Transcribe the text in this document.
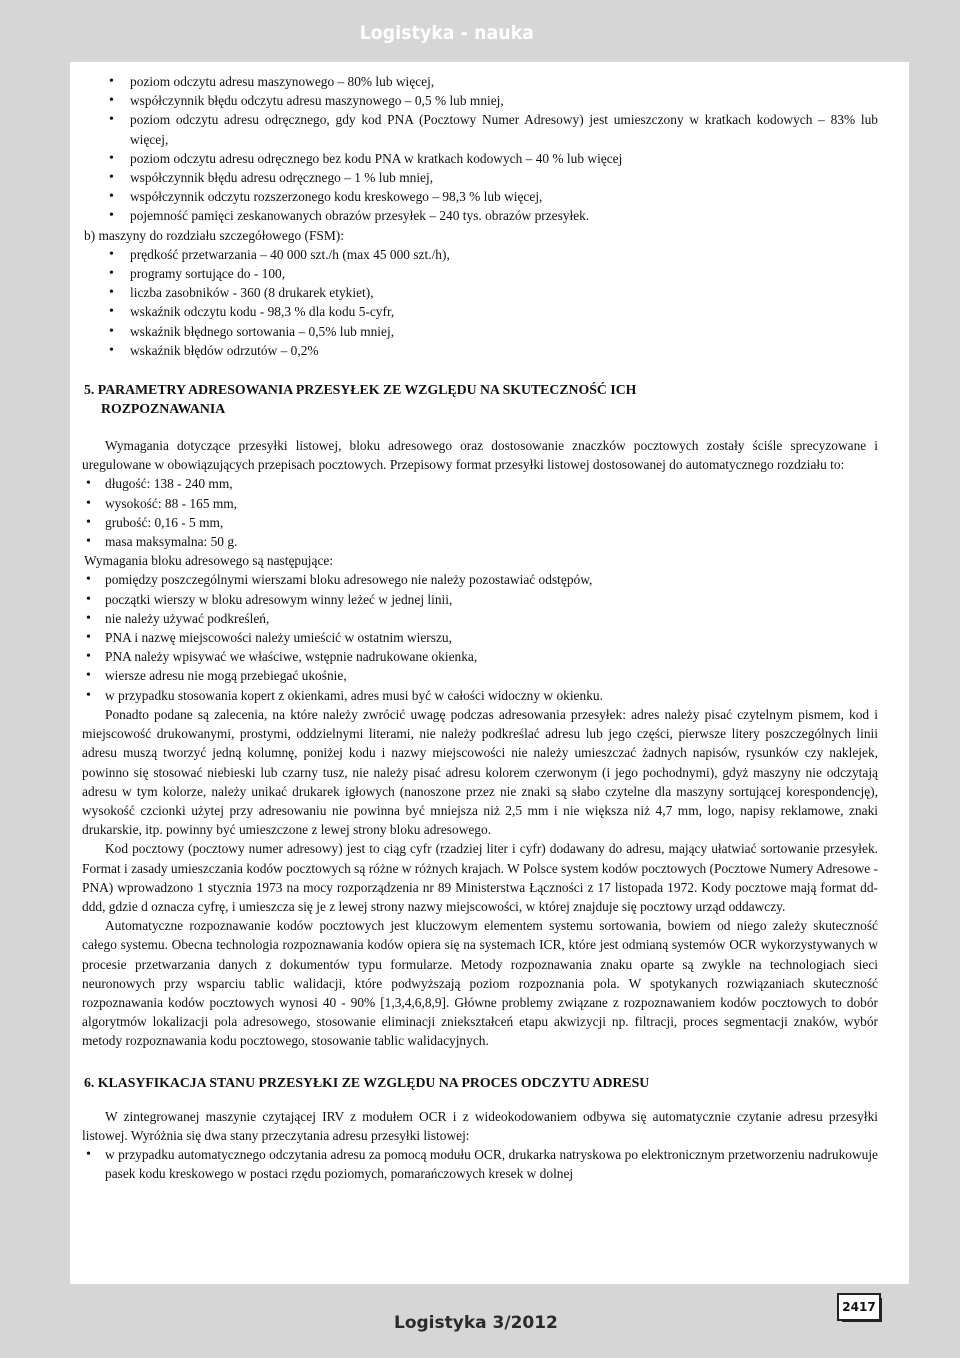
Logistyka - nauka
• poziom odczytu adresu maszynowego – 80% lub więcej,
• współczynnik błędu odczytu adresu maszynowego – 0,5 % lub mniej,
• poziom odczytu adresu odręcznego, gdy kod PNA (Pocztowy Numer Adresowy) jest umieszczony w kratkach kodowych – 83% lub więcej,
• poziom odczytu adresu odręcznego bez kodu PNA w kratkach kodowych – 40 % lub więcej
• współczynnik błędu adresu odręcznego – 1 % lub mniej,
• współczynnik odczytu rozszerzonego kodu kreskowego – 98,3 % lub więcej,
• pojemność pamięci zeskanowanych obrazów przesyłek – 240 tys. obrazów przesyłek.

b) maszyny do rozdziału szczegółowego (FSM):

• prędkość przetwarzania – 40 000 szt./h (max 45 000 szt./h),
• programy sortujące do - 100,
• liczba zasobników - 360 (8 drukarek etykiet),
• wskaźnik odczytu kodu - 98,3 % dla kodu 5-cyfr,
• wskaźnik błędnego sortowania – 0,5% lub mniej,
• wskaźnik błędów odrzutów – 0,2%
5. PARAMETRY ADRESOWANIA PRZESYŁEK ZE WZGLĘDU NA SKUTECZNOŚĆ ICH
ROZPOZNAWANIA

Wymagania dotyczące przesyłki listowej, bloku adresowego oraz dostosowanie znaczków pocztowych zostały ściśle sprecyzowane i uregulowane w obowiązujących przepisach pocztowych. Przepisowy format przesyłki listowej dostosowanej do automatycznego rozdziału to:

• długość: 138 - 240 mm,
• wysokość: 88 - 165 mm,
• grubość: 0,16 - 5 mm,
• masa maksymalna: 50 g.

Wymagania bloku adresowego są następujące:

• pomiędzy poszczególnymi wierszami bloku adresowego nie należy pozostawiać odstępów,
• początki wierszy w bloku adresowym winny leżeć w jednej linii,
• nie należy używać podkreśleń,
• PNA i nazwę miejscowości należy umieścić w ostatnim wierszu,
• PNA należy wpisywać we właściwe, wstępnie nadrukowane okienka,
• wiersze adresu nie mogą przebiegać ukośnie,
• w przypadku stosowania kopert z okienkami, adres musi być w całości widoczny w okienku.

Ponadto podane są zalecenia, na które należy zwrócić uwagę podczas adresowania przesyłek: adres należy pisać czytelnym pismem, kod i miejscowość drukowanymi, prostymi, oddzielnymi literami, nie należy podkreślać adresu lub jego części, pierwsze litery poszczególnych linii adresu muszą tworzyć jedną kolumnę, poniżej kodu i nazwy miejscowości nie należy umieszczać żadnych napisów, rysunków czy naklejek, powinno się stosować niebieski lub czarny tusz, nie należy pisać adresu kolorem czerwonym (i jego pochodnymi), gdyż maszyny nie odczytają adresu w tym kolorze, należy unikać drukarek igłowych (nanoszone przez nie znaki są słabo czytelne dla maszyny sortującej korespondencję), wysokość czcionki użytej przy adresowaniu nie powinna być mniejsza niż 2,5 mm i nie większa niż 4,7 mm, logo, napisy reklamowe, znaki drukarskie, itp. powinny być umieszczone z lewej strony bloku adresowego.

Kod pocztowy (pocztowy numer adresowy) jest to ciąg cyfr (rzadziej liter i cyfr) dodawany do adresu, mający ułatwiać sortowanie przesyłek. Format i zasady umieszczania kodów pocztowych są różne w różnych krajach. W Polsce system kodów pocztowych (Pocztowe Numery Adresowe - PNA) wprowadzono 1 stycznia 1973 na mocy rozporządzenia nr 89 Ministerstwa Łączności z 17 listopada 1972. Kody pocztowe mają format dd-ddd, gdzie d oznacza cyfrę, i umieszcza się je z lewej strony nazwy miejscowości, w której znajduje się pocztowy urząd oddawczy.

Automatyczne rozpoznawanie kodów pocztowych jest kluczowym elementem systemu sortowania, bowiem od niego zależy skuteczność całego systemu. Obecna technologia rozpoznawania kodów opiera się na systemach ICR, które jest odmianą systemów OCR wykorzystywanych w procesie przetwarzania danych z dokumentów typu formularze. Metody rozpoznawania znaku oparte są zwykle na technologiach sieci neuronowych przy wsparciu tablic walidacji, które podwyższają poziom rozpoznania pola. W spotykanych rozwiązaniach skuteczność rozpoznawania kodów pocztowych wynosi 40 - 90% [1,3,4,6,8,9]. Główne problemy związane z rozpoznawaniem kodów pocztowych to dobór algorytmów lokalizacji pola adresowego, stosowanie eliminacji zniekształceń etapu akwizycji np. filtracji, proces segmentacji znaków, wybór metody rozpoznawania kodu pocztowego, stosowanie tablic walidacyjnych.

6. KLASYFIKACJA STANU PRZESYŁKI ZE WZGLĘDU NA PROCES ODCZYTU ADRESU

W zintegrowanej maszynie czytającej IRV z modułem OCR i z wideokodowaniem odbywa się automatycznie czytanie adresu przesyłki listowej. Wyróżnia się dwa stany przeczytania adresu przesyłki listowej:

• w przypadku automatycznego odczytania adresu za pomocą modułu OCR, drukarka natryskowa po elektronicznym przetworzeniu nadrukowuje pasek kodu kreskowego w postaci rzędu poziomych, pomarańczowych kresek w dolnej
2417
Logistyka 3/2012
